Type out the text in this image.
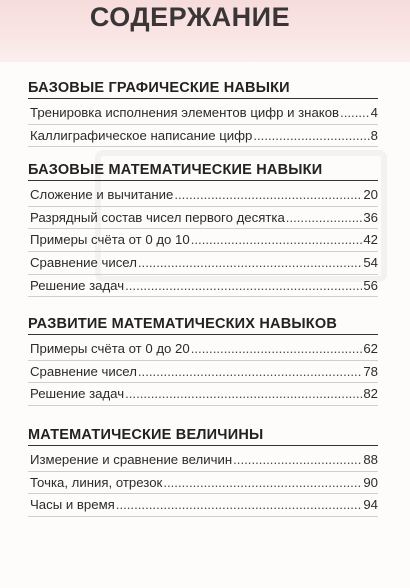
СОДЕРЖАНИЕ
БАЗОВЫЕ ГРАФИЧЕСКИЕ НАВЫКИ
Тренировка исполнения элементов цифр и знаков ..... 4
Каллиграфическое написание цифр .....	8
БАЗОВЫЕ МАТЕМАТИЧЕСКИЕ НАВЫКИ
Сложение и вычитание .....	20
Разрядный состав чисел первого десятка .....	36
Примеры счёта от 0 до 10 .....	42
Сравнение чисел .....	54
Решение задач .....	56
РАЗВИТИЕ МАТЕМАТИЧЕСКИХ НАВЫКОВ
Примеры счёта от 0 до 20 .....	62
Сравнение чисел .....	78
Решение задач .....	82
МАТЕМАТИЧЕСКИЕ ВЕЛИЧИНЫ
Измерение и сравнение величин .....	88
Точка, линия, отрезок .....	90
Часы и время .....	94
